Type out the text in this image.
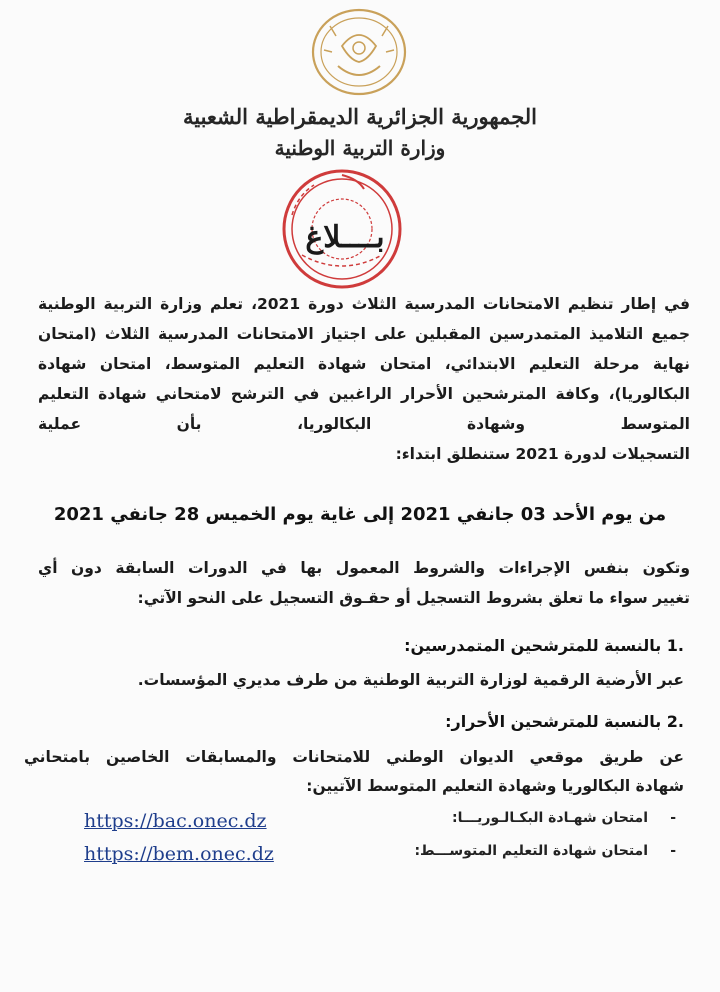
الجمهورية الجزائرية الديمقراطية الشعبية
وزارة التربية الوطنية
بــــلاغ
في إطار تنظيم الامتحانات المدرسية الثلاث دورة 2021، تعلم وزارة التربية الوطنية جميع التلاميذ المتمدرسين المقبلين على اجتياز الامتحانات المدرسية الثلاث (امتحان نهاية مرحلة التعليم الابتدائي، امتحان شهادة التعليم المتوسط، امتحان شهادة البكالوريا)، وكافة المترشحين الأحرار الراغبين في الترشح لامتحاني شهادة التعليم المتوسط وشهادة البكالوريا، بأن عملية
التسجيلات لدورة 2021 ستنطلق ابتداء:
من يوم الأحد 03 جانفي 2021 إلى غاية يوم الخميس 28 جانفي 2021
وتكون بنفس الإجراءات والشروط المعمول بها في الدورات السابقة دون أي
تغيير سواء ما تعلق بشروط التسجيل أو حقـوق التسجيل على النحو الآتي:
.1 بالنسبة للمترشحين المتمدرسين:
عبر الأرضية الرقمية لوزارة التربية الوطنية من طرف مديري المؤسسات.
.2 بالنسبة للمترشحين الأحرار:
عن طريق موقعي الديوان الوطني للامتحانات والمسابقات الخاصين بامتحاني
شهادة البكالوريا وشهادة التعليم المتوسط الآتيين:
-
امتحان شهـادة البكـالـوريـــا:
https://bac.onec.dz
-
امتحان شهادة التعليم المتوســـط:
https://bem.onec.dz
